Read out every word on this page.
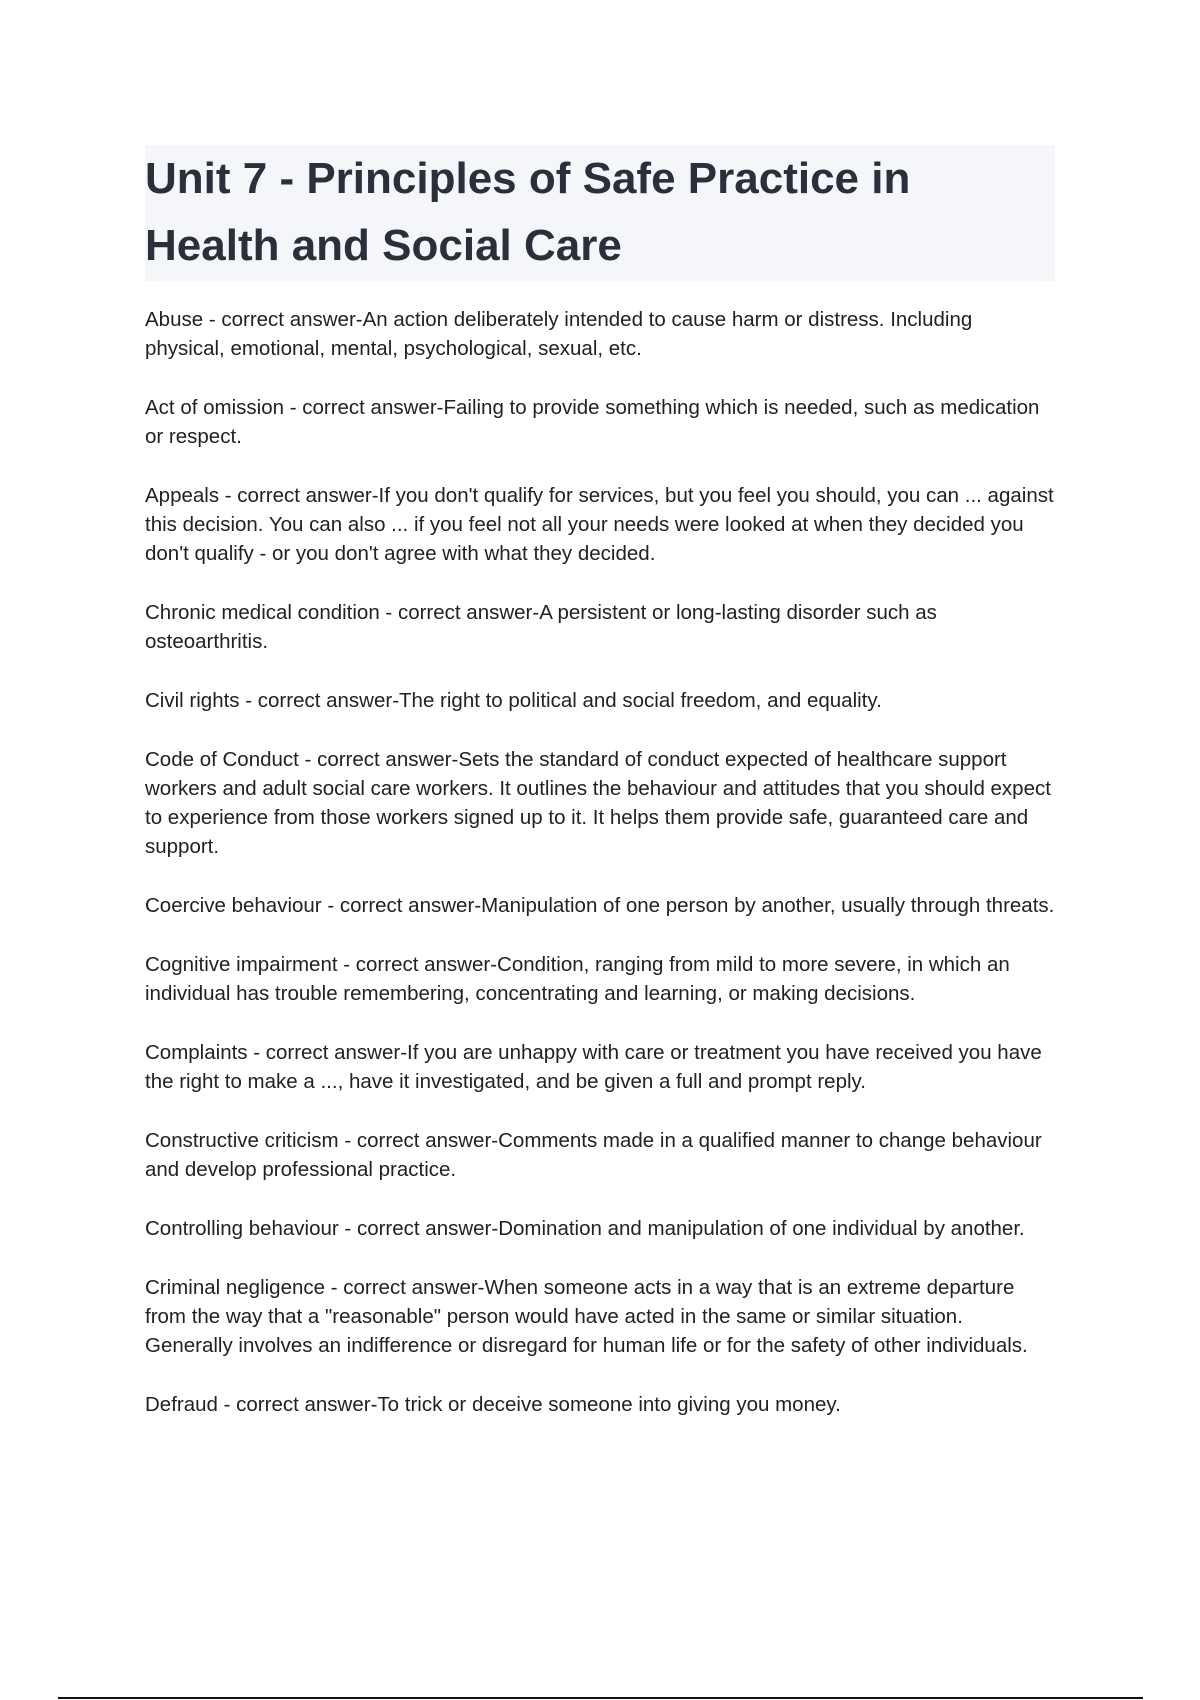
Unit 7 - Principles of Safe Practice in Health and Social Care

Abuse - correct answer-An action deliberately intended to cause harm or distress. Including physical, emotional, mental, psychological, sexual, etc.

Act of omission - correct answer-Failing to provide something which is needed, such as medication or respect.

Appeals - correct answer-If you don't qualify for services, but you feel you should, you can ... against this decision. You can also ... if you feel not all your needs were looked at when they decided you don't qualify - or you don't agree with what they decided.

Chronic medical condition - correct answer-A persistent or long-lasting disorder such as osteoarthritis.

Civil rights - correct answer-The right to political and social freedom, and equality.

Code of Conduct - correct answer-Sets the standard of conduct expected of healthcare support workers and adult social care workers. It outlines the behaviour and attitudes that you should expect to experience from those workers signed up to it. It helps them provide safe, guaranteed care and support.

Coercive behaviour - correct answer-Manipulation of one person by another, usually through threats.

Cognitive impairment - correct answer-Condition, ranging from mild to more severe, in which an individual has trouble remembering, concentrating and learning, or making decisions.

Complaints - correct answer-If you are unhappy with care or treatment you have received you have the right to make a ..., have it investigated, and be given a full and prompt reply.

Constructive criticism - correct answer-Comments made in a qualified manner to change behaviour and develop professional practice.

Controlling behaviour - correct answer-Domination and manipulation of one individual by another.

Criminal negligence - correct answer-When someone acts in a way that is an extreme departure from the way that a "reasonable" person would have acted in the same or similar situation. Generally involves an indifference or disregard for human life or for the safety of other individuals.

Defraud - correct answer-To trick or deceive someone into giving you money.
